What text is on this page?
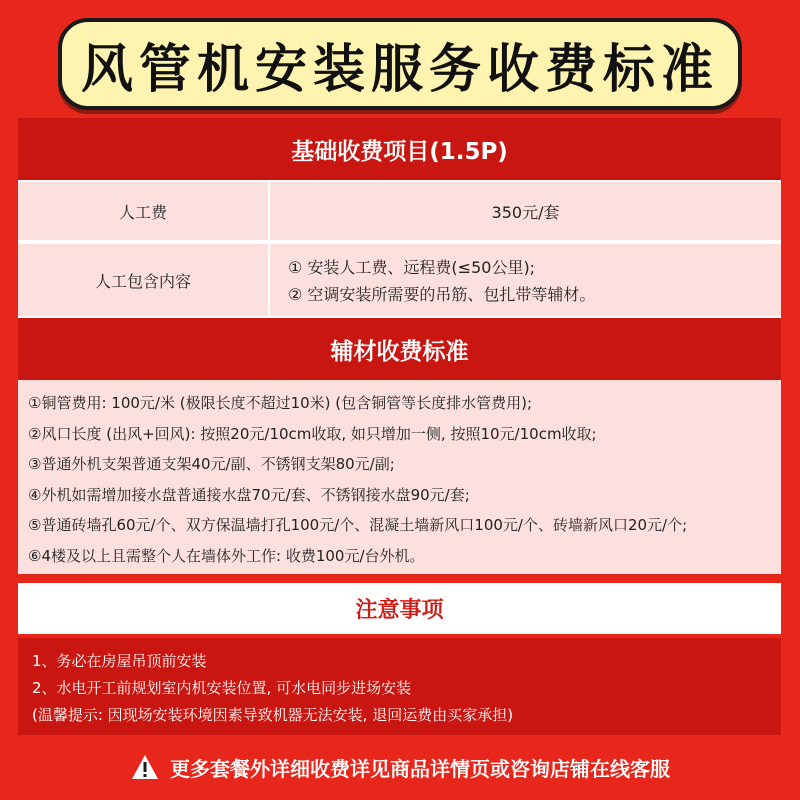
风管机安装服务收费标准
基础收费项目(1.5P)
人工费	350元/套
人工包含内容
① 安装人工费、远程费(≤50公里);
② 空调安装所需要的吊筋、包扎带等辅材。
辅材收费标准
①铜管费用: 100元/米 (极限长度不超过10米) (包含铜管等长度排水管费用);
②风口长度 (出风+回风): 按照20元/10cm收取, 如只增加一侧, 按照10元/10cm收取;
③普通外机支架普通支架40元/副、不锈钢支架80元/副;
④外机如需增加接水盘普通接水盘70元/套、不锈钢接水盘90元/套;
⑤普通砖墙孔60元/个、双方保温墙打孔100元/个、混凝土墙新风口100元/个、砖墙新风口20元/个;
⑥4楼及以上且需整个人在墙体外工作: 收费100元/台外机。
注意事项
1、务必在房屋吊顶前安装
2、水电开工前规划室内机安装位置, 可水电同步进场安装
(温馨提示: 因现场安装环境因素导致机器无法安装, 退回运费由买家承担)
更多套餐外详细收费详见商品详情页或咨询店铺在线客服
